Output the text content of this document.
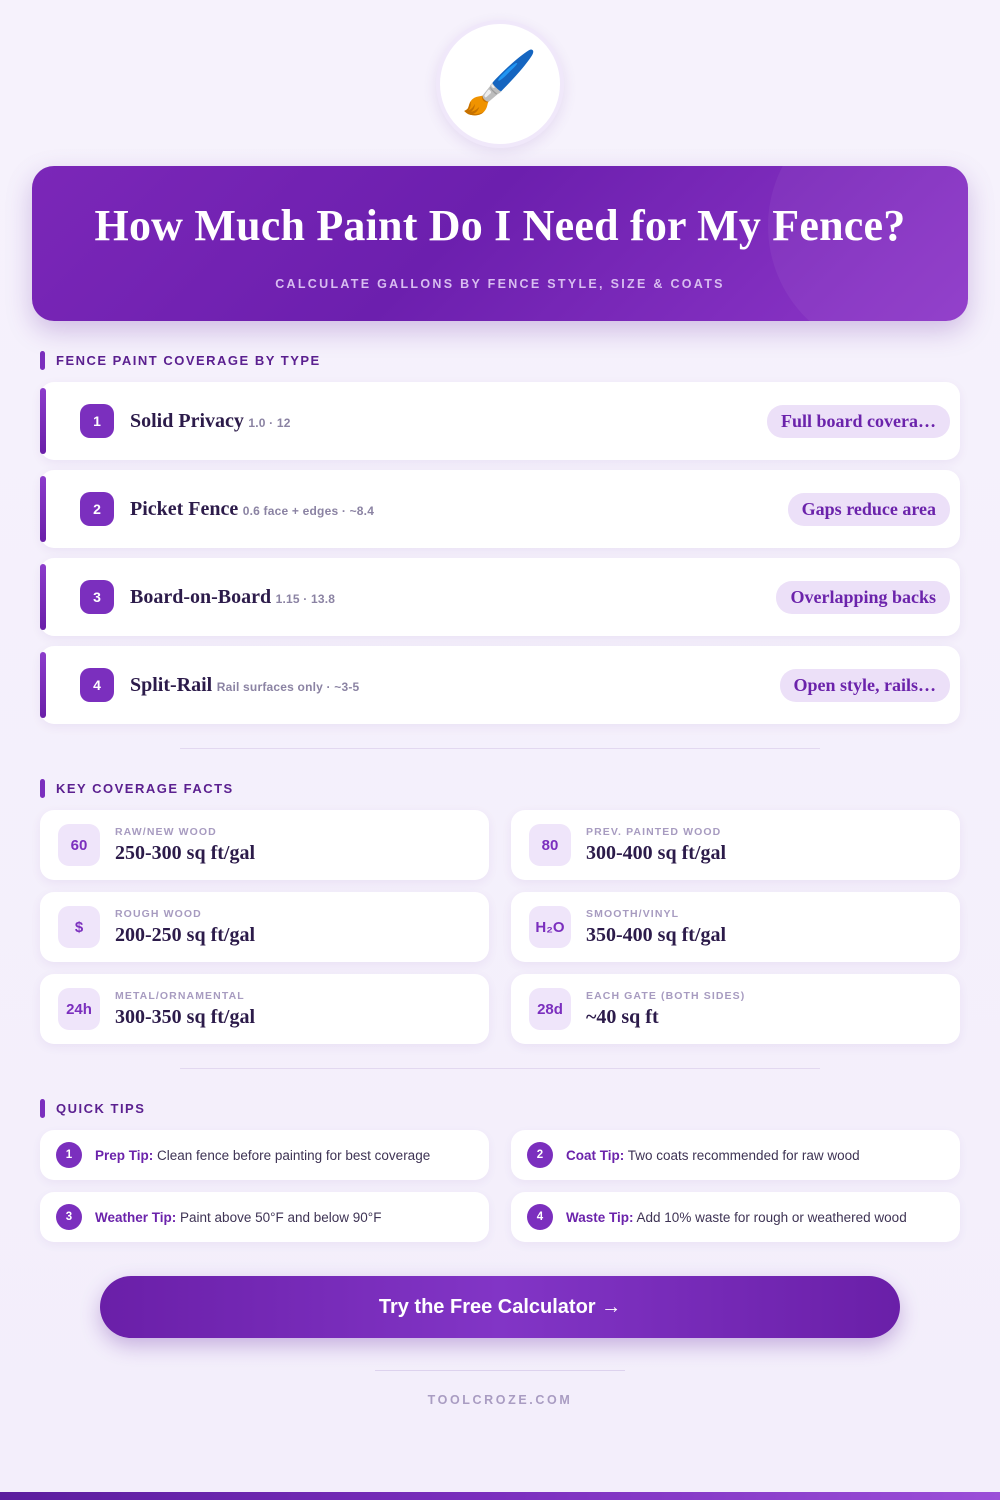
🖌️
How Much Paint Do I Need for My Fence?
CALCULATE GALLONS BY FENCE STYLE, SIZE & COATS
FENCE PAINT COVERAGE BY TYPE
1	Solid Privacy 1.0 · 12	Full board covera…
2	Picket Fence 0.6 face + edges · ~8.4	Gaps reduce area
3	Board-on-Board 1.15 · 13.8	Overlapping backs
4	Split-Rail Rail surfaces only · ~3-5	Open style, rails…
KEY COVERAGE FACTS
60
RAW/NEW WOOD
250-300 sq ft/gal	80
PREV. PAINTED WOOD
300-400 sq ft/gal
$
ROUGH WOOD
200-250 sq ft/gal	H₂O
SMOOTH/VINYL
350-400 sq ft/gal
24h
METAL/ORNAMENTAL
300-350 sq ft/gal	28d
EACH GATE (BOTH SIDES)
~40 sq ft
QUICK TIPS
1	Prep Tip: Clean fence before painting for best coverage	2	Coat Tip: Two coats recommended for raw wood
3	Weather Tip: Paint above 50°F and below 90°F	4	Waste Tip: Add 10% waste for rough or weathered wood
Try the Free Calculator →
TOOLCROZE.COM
